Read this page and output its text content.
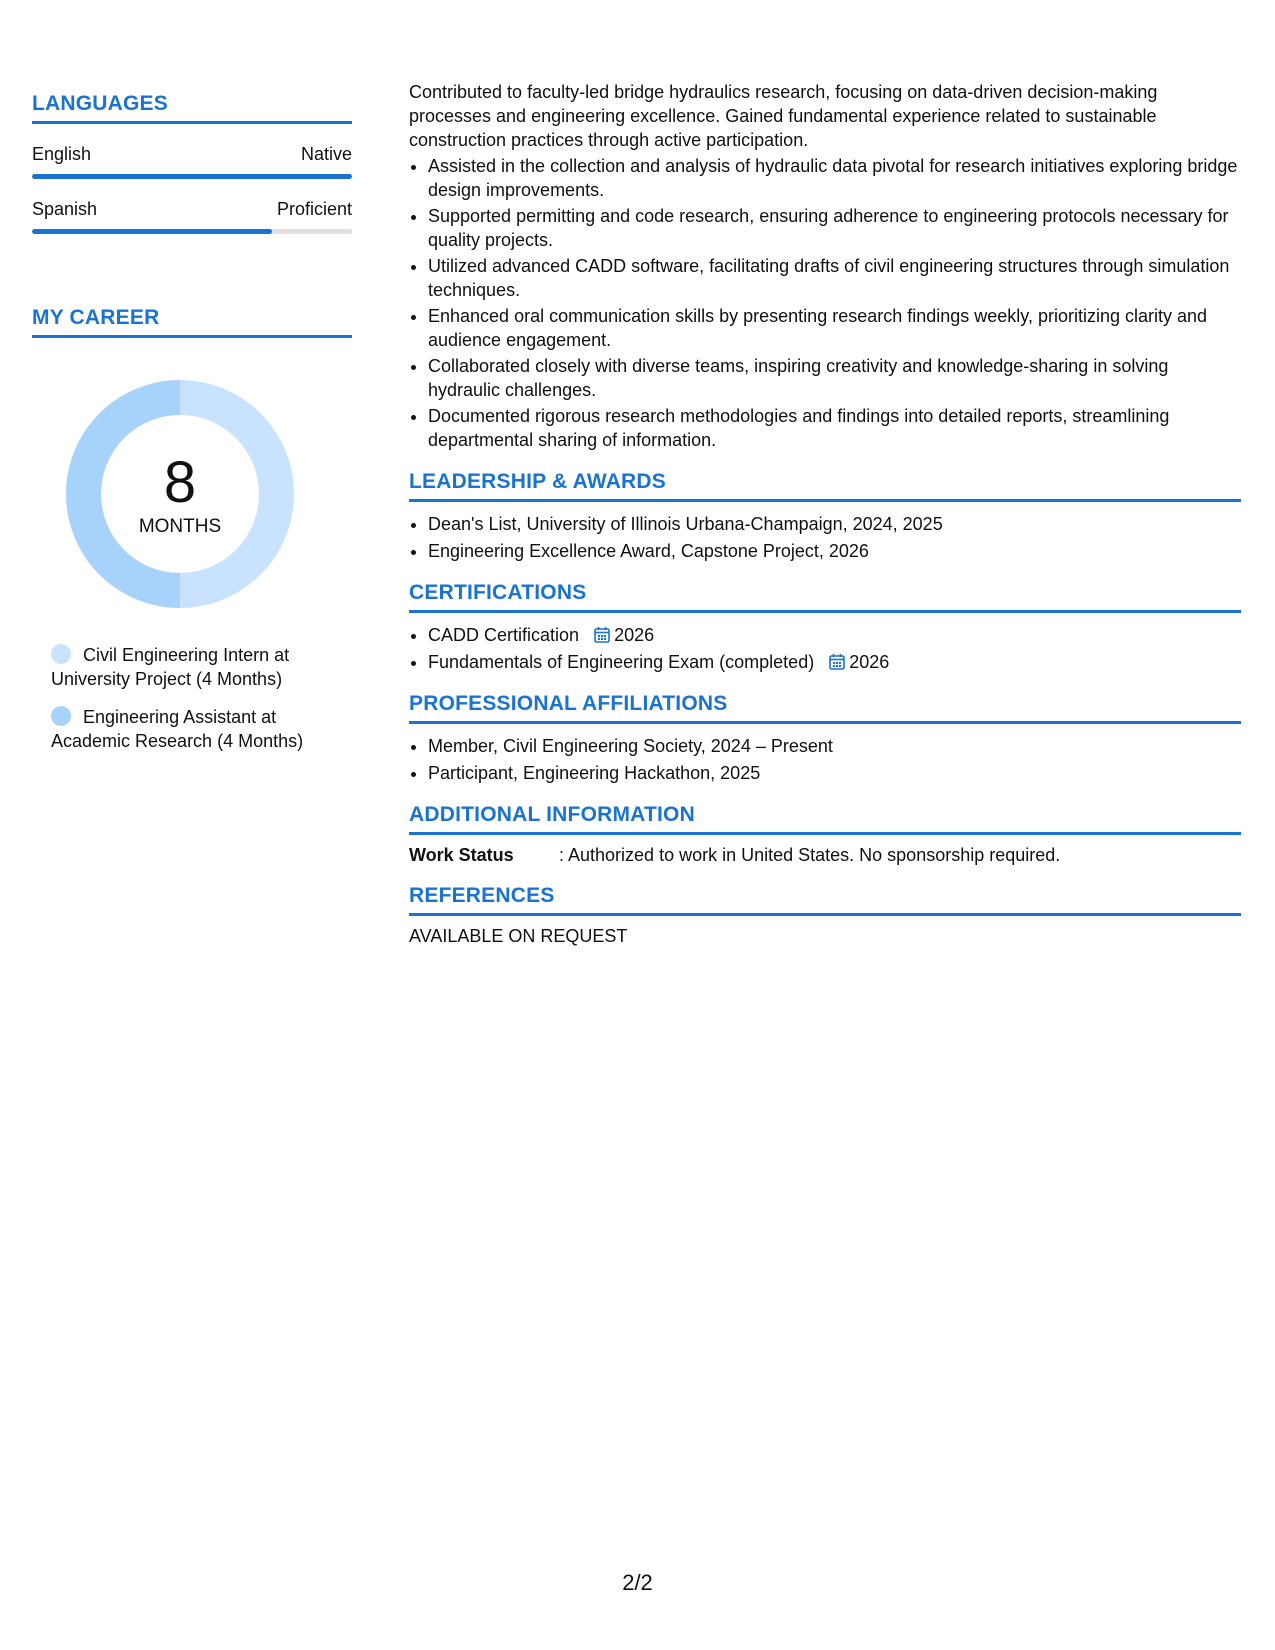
LANGUAGES
English	Native
Spanish	Proficient
MY CAREER
8
MONTHS
Civil Engineering Intern at University Project (4 Months)
Engineering Assistant at Academic Research (4 Months)

Contributed to faculty-led bridge hydraulics research, focusing on data-driven decision-making processes and engineering excellence. Gained fundamental experience related to sustainable construction practices through active participation.

• Assisted in the collection and analysis of hydraulic data pivotal for research initiatives exploring bridge design improvements.
• Supported permitting and code research, ensuring adherence to engineering protocols necessary for quality projects.
• Utilized advanced CADD software, facilitating drafts of civil engineering structures through simulation techniques.
• Enhanced oral communication skills by presenting research findings weekly, prioritizing clarity and audience engagement.
• Collaborated closely with diverse teams, inspiring creativity and knowledge-sharing in solving hydraulic challenges.
• Documented rigorous research methodologies and findings into detailed reports, streamlining departmental sharing of information.
LEADERSHIP & AWARDS
• Dean's List, University of Illinois Urbana-Champaign, 2024, 2025
• Engineering Excellence Award, Capstone Project, 2026
CERTIFICATIONS
• CADD Certification 2026
• Fundamentals of Engineering Exam (completed) 2026
PROFESSIONAL AFFILIATIONS
• Member, Civil Engineering Society, 2024 – Present
• Participant, Engineering Hackathon, 2025
ADDITIONAL INFORMATION
Work Status	: Authorized to work in United States. No sponsorship required.
REFERENCES
AVAILABLE ON REQUEST
2/2
